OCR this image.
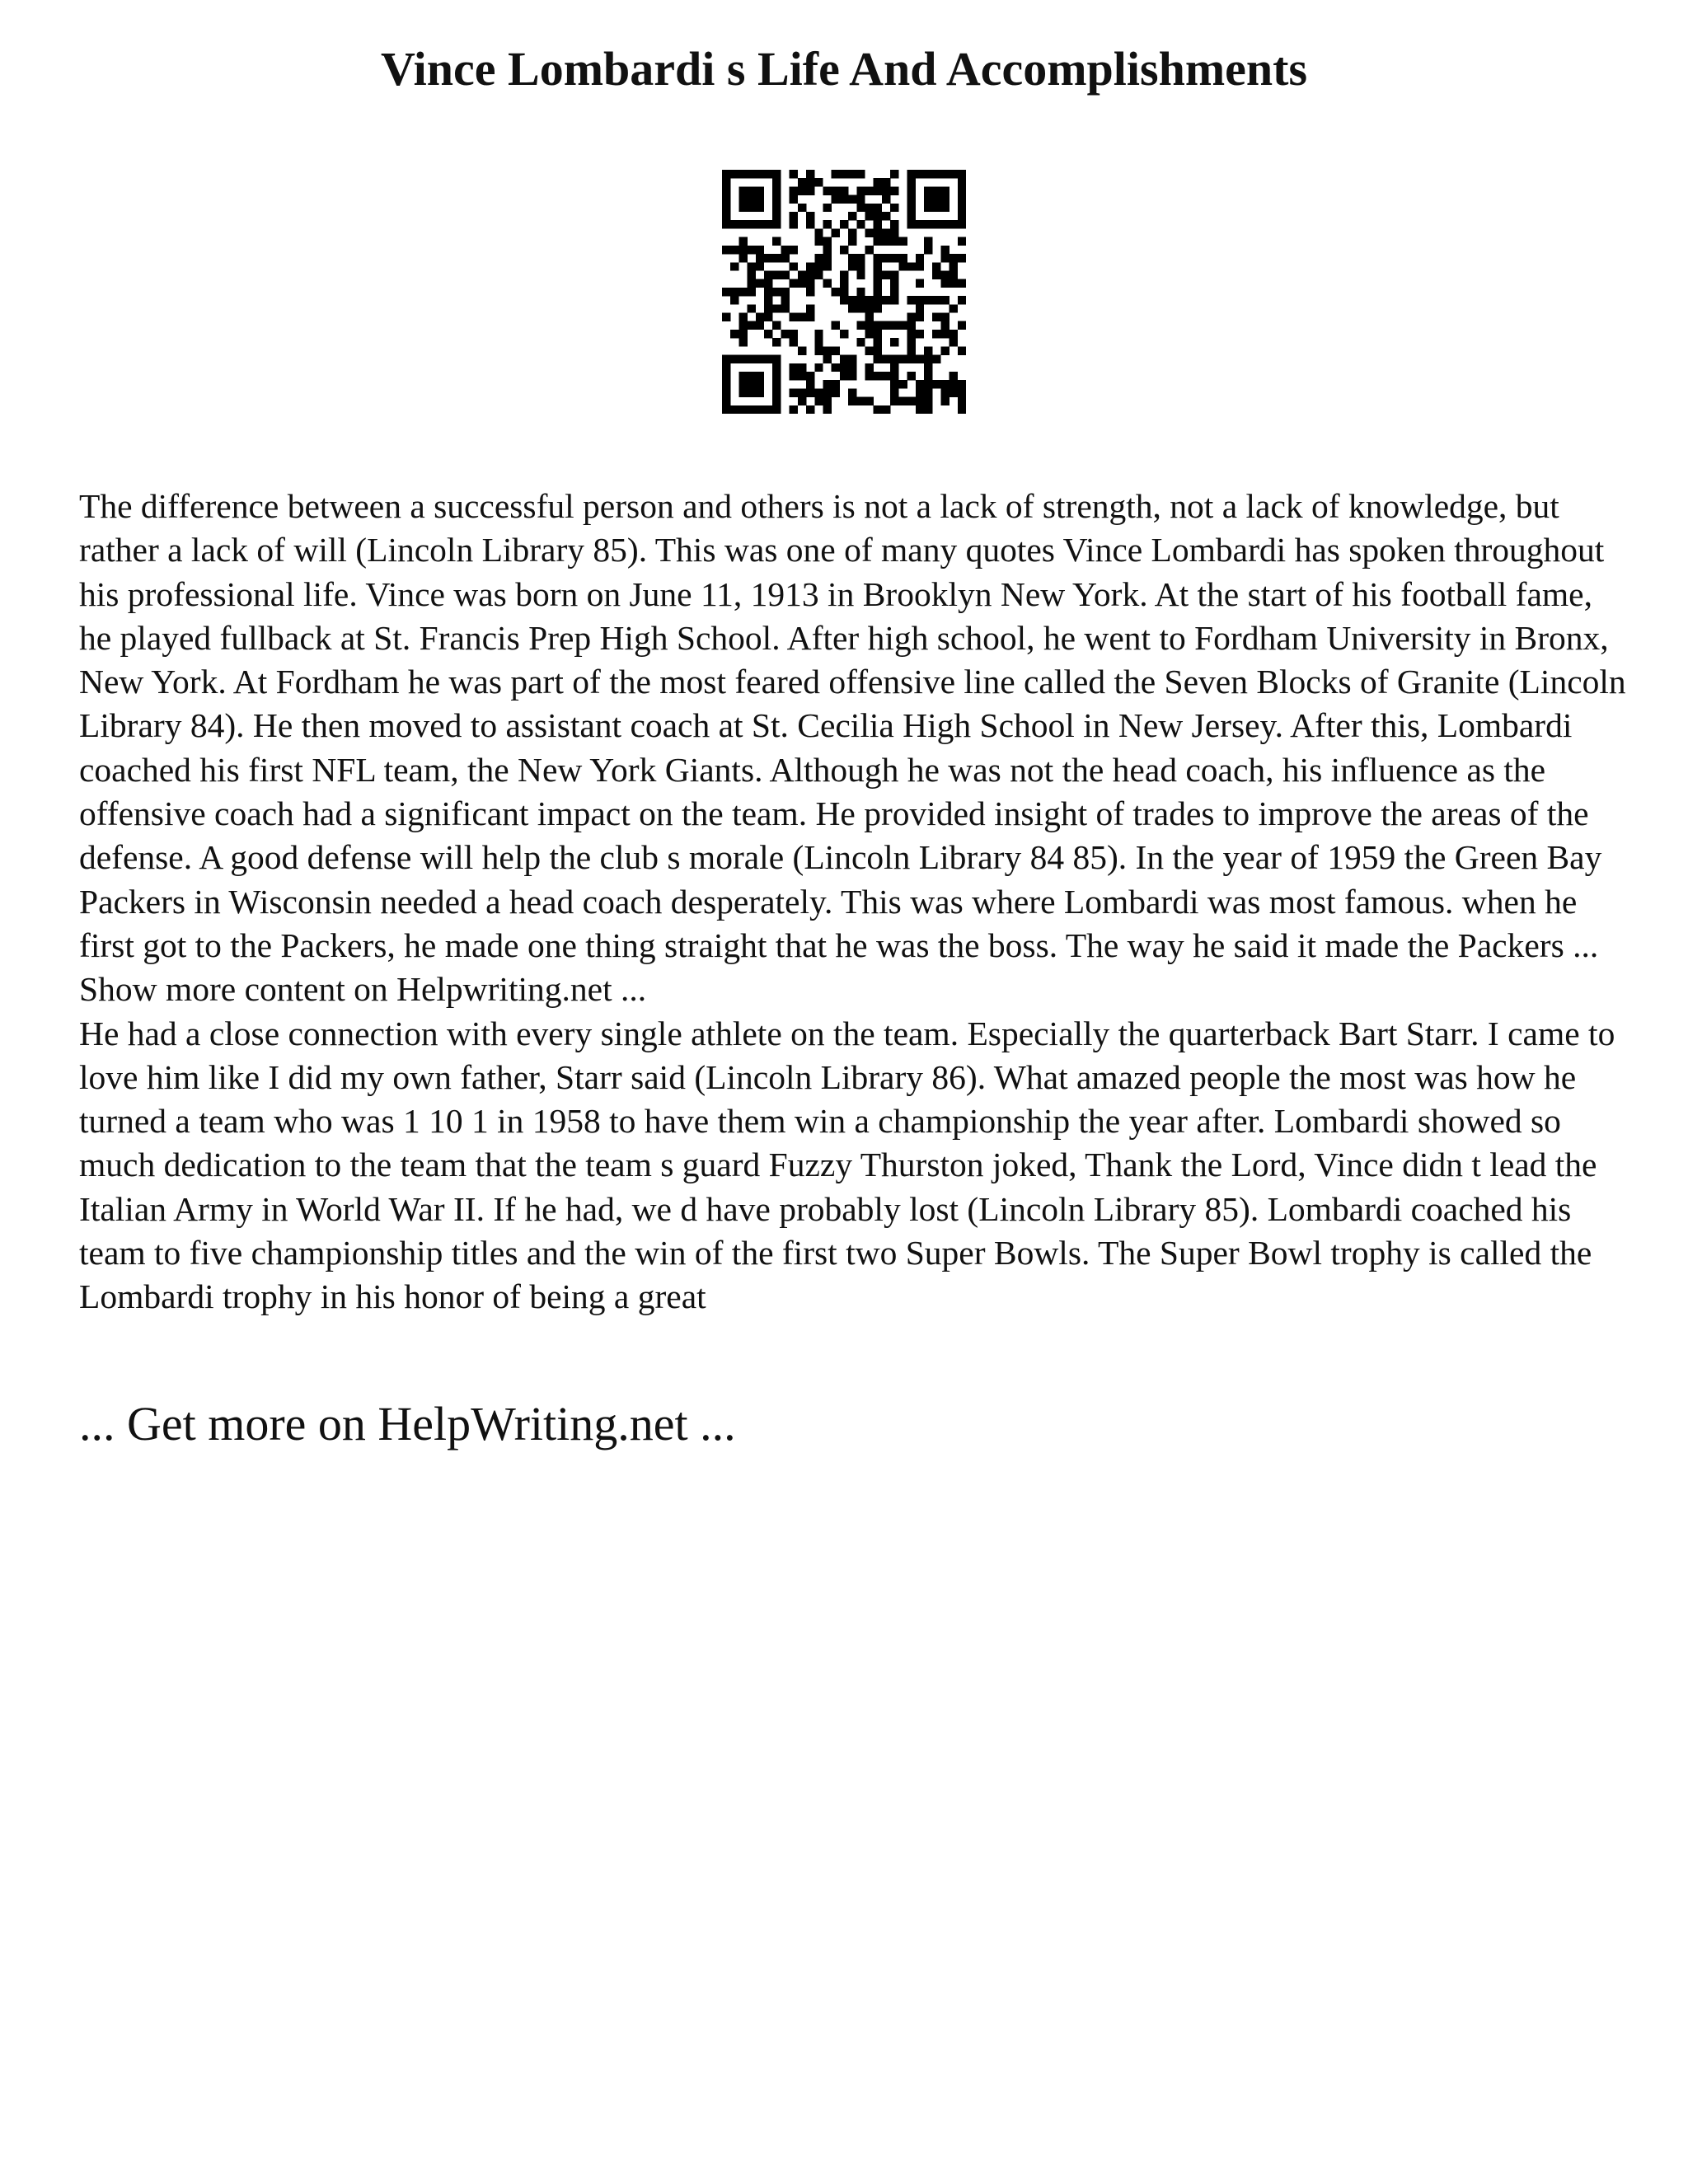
Vince Lombardi s Life And Accomplishments
The difference between a successful person and others is not a lack of strength, not a lack of knowledge, but rather a lack of will (Lincoln Library 85). This was one of many quotes Vince Lombardi has spoken throughout his professional life. Vince was born on June 11, 1913 in Brooklyn New York. At the start of his football fame, he played fullback at St. Francis Prep High School. After high school, he went to Fordham University in Bronx, New York. At Fordham he was part of the most feared offensive line called the Seven Blocks of Granite (Lincoln Library 84). He then moved to assistant coach at St. Cecilia High School in New Jersey. After this, Lombardi coached his first NFL team, the New York Giants. Although he was not the head coach, his influence as the offensive coach had a significant impact on the team. He provided insight of trades to improve the areas of the defense. A good defense will help the club s morale (Lincoln Library 84 85). In the year of 1959 the Green Bay Packers in Wisconsin needed a head coach desperately. This was where Lombardi was most famous. when he first got to the Packers, he made one thing straight that he was the boss. The way he said it made the Packers ... Show more content on Helpwriting.net ...
He had a close connection with every single athlete on the team. Especially the quarterback Bart Starr. I came to love him like I did my own father, Starr said (Lincoln Library 86). What amazed people the most was how he turned a team who was 1 10 1 in 1958 to have them win a championship the year after. Lombardi showed so much dedication to the team that the team s guard Fuzzy Thurston joked, Thank the Lord, Vince didn t lead the Italian Army in World War II. If he had, we d have probably lost (Lincoln Library 85). Lombardi coached his team to five championship titles and the win of the first two Super Bowls. The Super Bowl trophy is called the Lombardi trophy in his honor of being a great
... Get more on HelpWriting.net ...
